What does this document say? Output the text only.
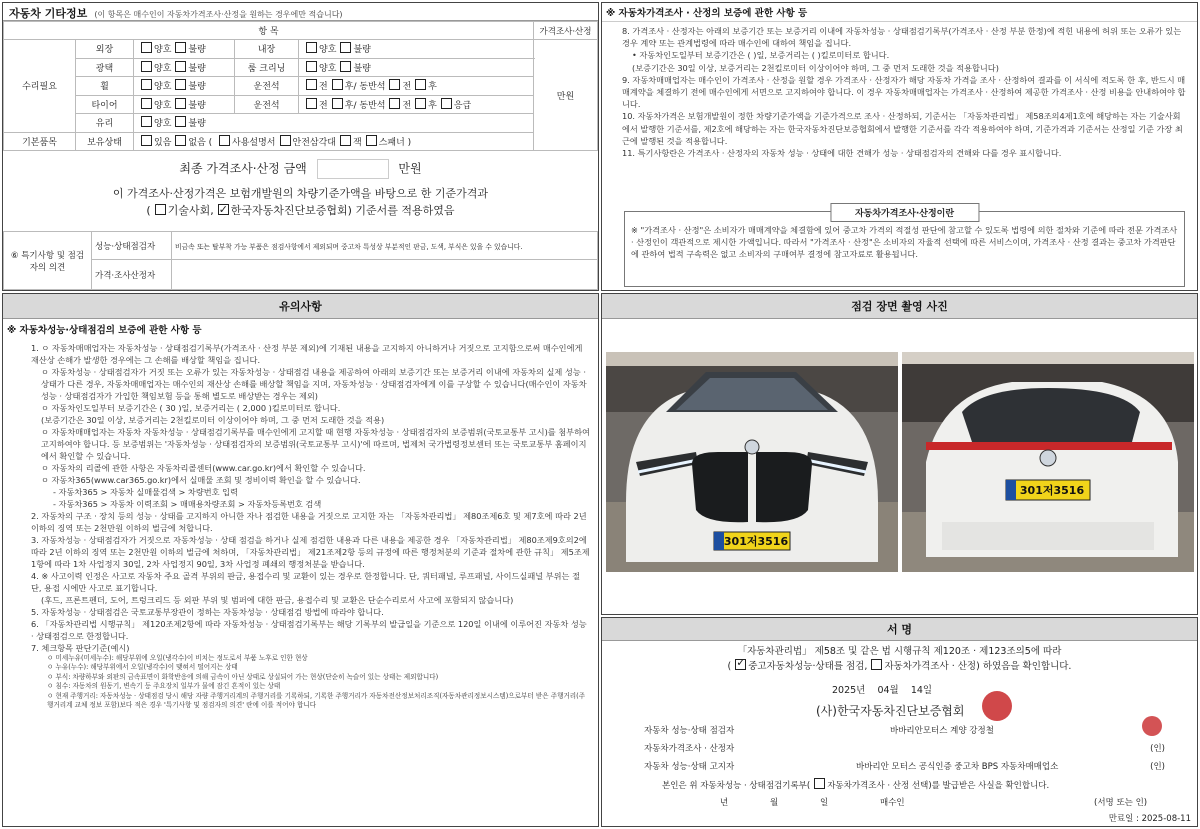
자동차 기타정보 (이 항목은 매수인이 자동차가격조사·산정을 원하는 경우에만 적습니다)
항 목					가격조사·산정
수리필요	외장	양호 불량	내장	양호 불량	만원
	광택	양호 불량	룸 크리닝	양호 불량	
	휠	양호 불량	운전석	전 후/ 동반석 전 후	
	타이어	양호 불량	운전석	전 후/ 동반석 전 후 응급	
	유리	양호 불량			
기본품목	보유상태	있음 없음 ( 사용설명서 안전삼각대 잭 스패너 )			
최종 가격조사·산정 금액	만원
이 가격조사·산정가격은 보험개발원의 차량기준가액을 바탕으로 한 기준가격과
( 기술사회, ✓ 한국자동차진단보증협회) 기준서를 적용하였음
⑥ 특기사항 및 점검자의 의견	성능·상태점검자	비금속 또는 탈부착 가능 부품은 점검사항에서 제외되며 중고차 특성상 부분적인 판금, 도색, 부식은 있을 수 있습니다.
	가격·조사산정자	
※ 자동차가격조사 · 산정의 보증에 관한 사항 등
8. 가격조사 · 산정자는 아래의 보증기간 또는 보증거리 이내에 자동차성능 · 상태점검기록부(가격조사 · 산정 부분 한정)에 적힌 내용에 허위 또는 오류가 있는 경우 계약 또는 관계법령에 따라 매수인에 대하여 책임을 집니다.
• 자동차인도일부터 보증기간은 ( )일, 보증거리는 ( )킬로미터로 합니다.
(보증기간은 30일 이상, 보증거리는 2천킬로미터 이상이어야 하며, 그 중 먼저 도래한 것을 적용합니다)
9. 자동차매매업자는 매수인이 가격조사 · 산정을 원할 경우 가격조사 · 산정자가 해당 자동차 가격을 조사 · 산정하여 결과를 이 서식에 적도록 한 후, 반드시 매매계약을 체결하기 전에 매수인에게 서면으로 고지하여야 합니다. 이 경우 자동차매매업자는 가격조사 · 산정하여 제공한 가격조사 · 산정 비용을 안내하여야 합니다.
10. 자동차가격은 보험개발원이 정한 차량기준가액을 기준가격으로 조사 · 산정하되, 기준서는 「자동차관리법」 제58조의4제1호에 해당하는 자는 기술사회에서 발행한 기준서를, 제2호에 해당하는 자는 한국자동차진단보증협회에서 발행한 기준서를 각각 적용하여야 하며, 기준가격과 기준서는 산정일 기준 가장 최근에 발행된 것을 적용합니다.
11. 특기사항란은 가격조사 · 산정자의 자동차 성능 · 상태에 대한 견해가 성능 · 상태점검자의 견해와 다를 경우 표시합니다.
자동차가격조사·산정이란
※ "가격조사 · 산정"은 소비자가 매매계약을 체결함에 있어 중고차 가격의 적절성 판단에 참고할 수 있도록 법령에 의한 절차와 기준에 따라 전문 가격조사 · 산정인이 객관적으로 제시한 가액입니다. 따라서 "가격조사 · 산정"은 소비자의 자율적 선택에 따른 서비스이며, 가격조사 · 산정 결과는 중고차 가격판단에 관하여 법적 구속력은 없고 소비자의 구매여부 결정에 참고자료로 활용됩니다.
유의사항
※ 자동차성능·상태점검의 보증에 관한 사항 등
1. ㅇ 자동차매매업자는 자동차성능 · 상태점검기록부(가격조사 · 산정 부분 제외)에 기재된 내용을 고지하지 아니하거나 거짓으로 고지함으로써 매수인에게 재산상 손해가 발생한 경우에는 그 손해를 배상할 책임을 집니다.
ㅇ 자동차성능 · 상태점검자가 거짓 또는 오류가 있는 자동차성능 · 상태점검 내용을 제공하여 아래의 보증기간 또는 보증거리 이내에 자동차의 실제 성능 · 상태가 다른 경우, 자동차매매업자는 매수인의 재산상 손해를 배상할 책임을 지며, 자동차성능 · 상태점검자에게 이를 구상할 수 있습니다(매수인이 자동차성능 · 상태점검자가 가입한 책임보험 등을 통해 별도로 배상받는 경우는 제외)
ㅇ 자동차인도일부터 보증기간은 ( 30 )일, 보증거리는 ( 2,000 )킬로미터로 합니다.
(보증기간은 30일 이상, 보증거리는 2천킬로미터 이상이어야 하며, 그 중 먼저 도래한 것을 적용)
ㅇ 자동차매매업자는 자동차 자동차성능 · 상태점검기록부를 매수인에게 고지할 때 현행 자동차성능 · 상태점검자의 보증범위(국토교통부 고시)를 첨부하여 고지하여야 합니다. 등 보증범위는 '자동차성능 · 상태점검자의 보증범위(국토교통부 고시)'에 따르며, 법제처 국가법령정보센터 또는 국토교통부 홈페이지에서 확인할 수 있습니다.
ㅇ 자동차의 리콜에 관한 사항은 자동차리콜센터(www.car.go.kr)에서 확인할 수 있습니다.
ㅇ 자동차365(www.car365.go.kr)에서 실매물 조회 및 정비이력 확인을 할 수 있습니다.
- 자동차365 > 자동차 실매물검색 > 차량번호 입력
- 자동차365 > 자동차 이력조회 > 매매용차량조회 > 자동차등록번호 검색
2. 자동차의 구조 · 장치 등의 성능 · 상태를 고지하지 아니한 자나 점검한 내용을 거짓으로 고지한 자는 「자동차관리법」 제80조제6호 및 제7호에 따라 2년 이하의 징역 또는 2천만원 이하의 벌금에 처합니다.
3. 자동차성능 · 상태점검자가 거짓으로 자동차성능 · 상태 점검을 하거나 실제 점검한 내용과 다른 내용을 제공한 경우 「자동차관리법」 제80조제9호의2에 따라 2년 이하의 징역 또는 2천만원 이하의 벌금에 처하며, 「자동차관리법」 제21조제2항 등의 규정에 따른 행정처분의 기준과 절차에 관한 규칙」 제5조제1항에 따라 1차 사업정지 30일, 2차 사업정지 90일, 3차 사업정 폐쇄의 행정처분을 받습니다.
4. ※ 사고이력 인정은 사고로 자동차 주요 골격 부위의 판금, 용접수리 및 교환이 있는 경우로 한정합니다. 단, 쿼터패널, 루프패널, 사이드실패널 부위는 절단, 용접 시에만 사고로 표기합니다.
(후드, 프론트펜더, 도어, 트렁크리드 등 외판 부위 및 범퍼에 대한 판금, 용접수리 및 교환은 단순수리로서 사고에 포함되지 않습니다)
5. 자동차성능 · 상태점검은 국토교통부장관이 정하는 자동차성능 · 상태점검 방법에 따라야 합니다.
6. 「자동차관리법 시행규칙」 제120조제2항에 따라 자동차성능 · 상태점검기록부는 해당 기록부의 발급일을 기준으로 120일 이내에 이루어진 자동차 성능 · 상태점검으로 한정합니다.
7. 체크항목 판단기준(예시)
ㅇ 미세누유(미세누수): 해당부위에 오일(냉각수)이 비치는 정도로서 부품 노후로 인한 현상
ㅇ 누유(누수): 해당부위에서 오일(냉각수)이 맺혀서 떨어지는 상태
ㅇ 부식: 차량하부와 외판의 금속표면이 화학반응에 의해 금속이 아닌 상태로 상실되어 가는 현상(단순히 녹슬어 있는 상태는 제외합니다)
ㅇ 침수: 자동차의 원동기, 변속기 등 주요장치 일부가 물에 잠긴 흔적이 있는 상태
ㅇ 현재 주행거리: 자동차성능 · 상태점검 당시 해당 자량 주행거리계의 주행거리를 기록하되, 기록한 주행거리가 자동차전산정보처리조직(자동차관리정보시스템)으로부터 받은 주행거리(주행거리계 교체 정보 포함)보다 적은 경우 '특기사항 및 점검자의 의견' 란에 이를 적어야 합니다
점검 장면 촬영 사진
301저3516
301저3516
서 명
「자동차관리법」 제58조 및 같은 법 시행규칙 제120조 · 제123조의5에 따라
( ✓ 중고자동차성능·상태를 점검, 자동차가격조사 · 산정) 하였음을 확인합니다.
2025년 04월 14일
(사)한국자동차진단보증협회
자동차 성능·상태 점검자	바바리안모터스 계양 강정철
자동차가격조사 · 산정자	(인)
자동차 성능·상태 고지자	바바리안 모터스 공식인증 중고차 BPS 자동차매매업소	(인)
본인은 위 자동차성능 · 상태점검기록부( 자동차가격조사 · 산정 선택)를 발급받은 사실을 확인합니다.
년	월	일	매수인	(서명 또는 인)
만료일 : 2025-08-11
